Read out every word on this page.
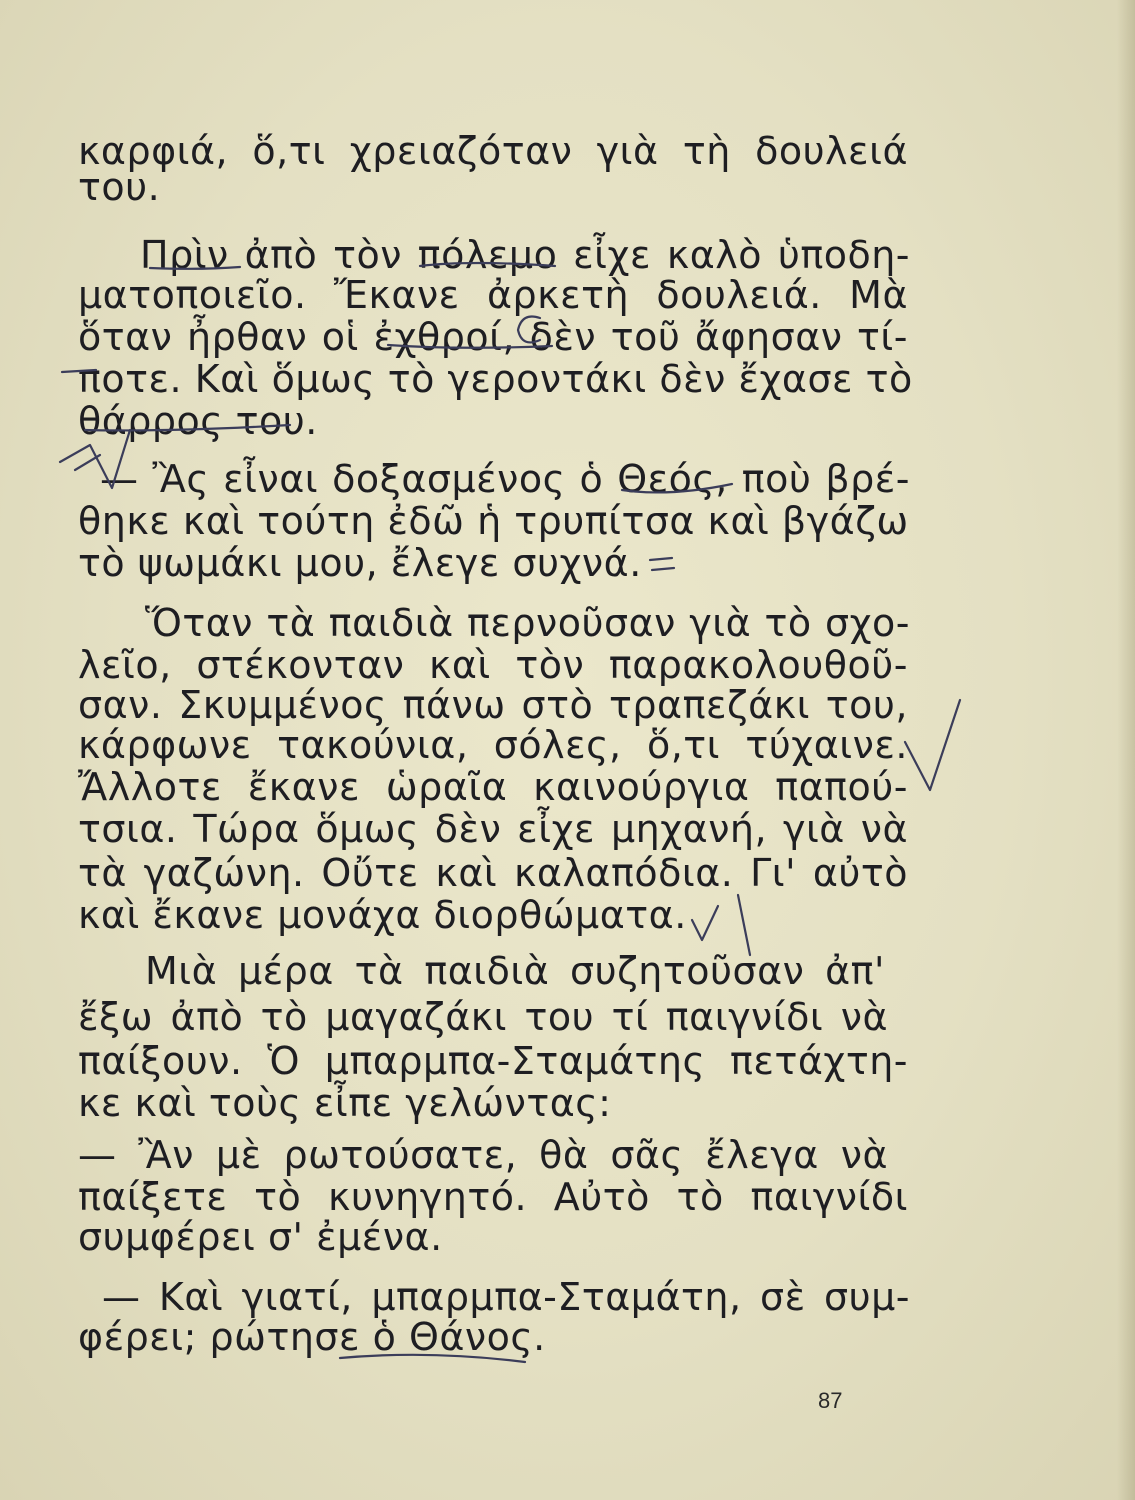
καρφιά, ὅ,τι χρειαζόταν γιὰ τὴ δουλειά
του.
Πρὶν ἀπὸ τὸν πόλεμο εἶχε καλὸ ὑποδη-
ματοποιεῖο. Ἔκανε ἀρκετὴ δουλειά. Μὰ
ὅταν ἦρθαν οἱ ἐχθροί, δὲν τοῦ ἄφησαν τί-
ποτε. Καὶ ὅμως τὸ γεροντάκι δὲν ἔχασε τὸ
θάρρος του.
— Ἂς εἶναι δοξασμένος ὁ Θεός, ποὺ βρέ-
θηκε καὶ τούτη ἐδῶ ἡ τρυπίτσα καὶ βγάζω
τὸ ψωμάκι μου, ἔλεγε συχνά.
Ὅταν τὰ παιδιὰ περνοῦσαν γιὰ τὸ σχο-
λεῖο, στέκονταν καὶ τὸν παρακολουθοῦ-
σαν. Σκυμμένος πάνω στὸ τραπεζάκι του,
κάρφωνε τακούνια, σόλες, ὅ,τι τύχαινε.
Ἄλλοτε ἔκανε ὡραῖα καινούργια παπού-
τσια. Τώρα ὅμως δὲν εἶχε μηχανή, γιὰ νὰ
τὰ γαζώνη. Οὔτε καὶ καλαπόδια. Γι' αὐτὸ
καὶ ἔκανε μονάχα διορθώματα.
Μιὰ μέρα τὰ παιδιὰ συζητοῦσαν ἀπ'
ἔξω ἀπὸ τὸ μαγαζάκι του τί παιγνίδι νὰ
παίξουν. Ὁ μπαρμπα-Σταμάτης πετάχτη-
κε καὶ τοὺς εἶπε γελώντας:
— Ἂν μὲ ρωτούσατε, θὰ σᾶς ἔλεγα νὰ
παίξετε τὸ κυνηγητό. Αὐτὸ τὸ παιγνίδι
συμφέρει σ' ἐμένα.
— Καὶ γιατί, μπαρμπα-Σταμάτη, σὲ συμ-
φέρει; ρώτησε ὁ Θάνος.
87
